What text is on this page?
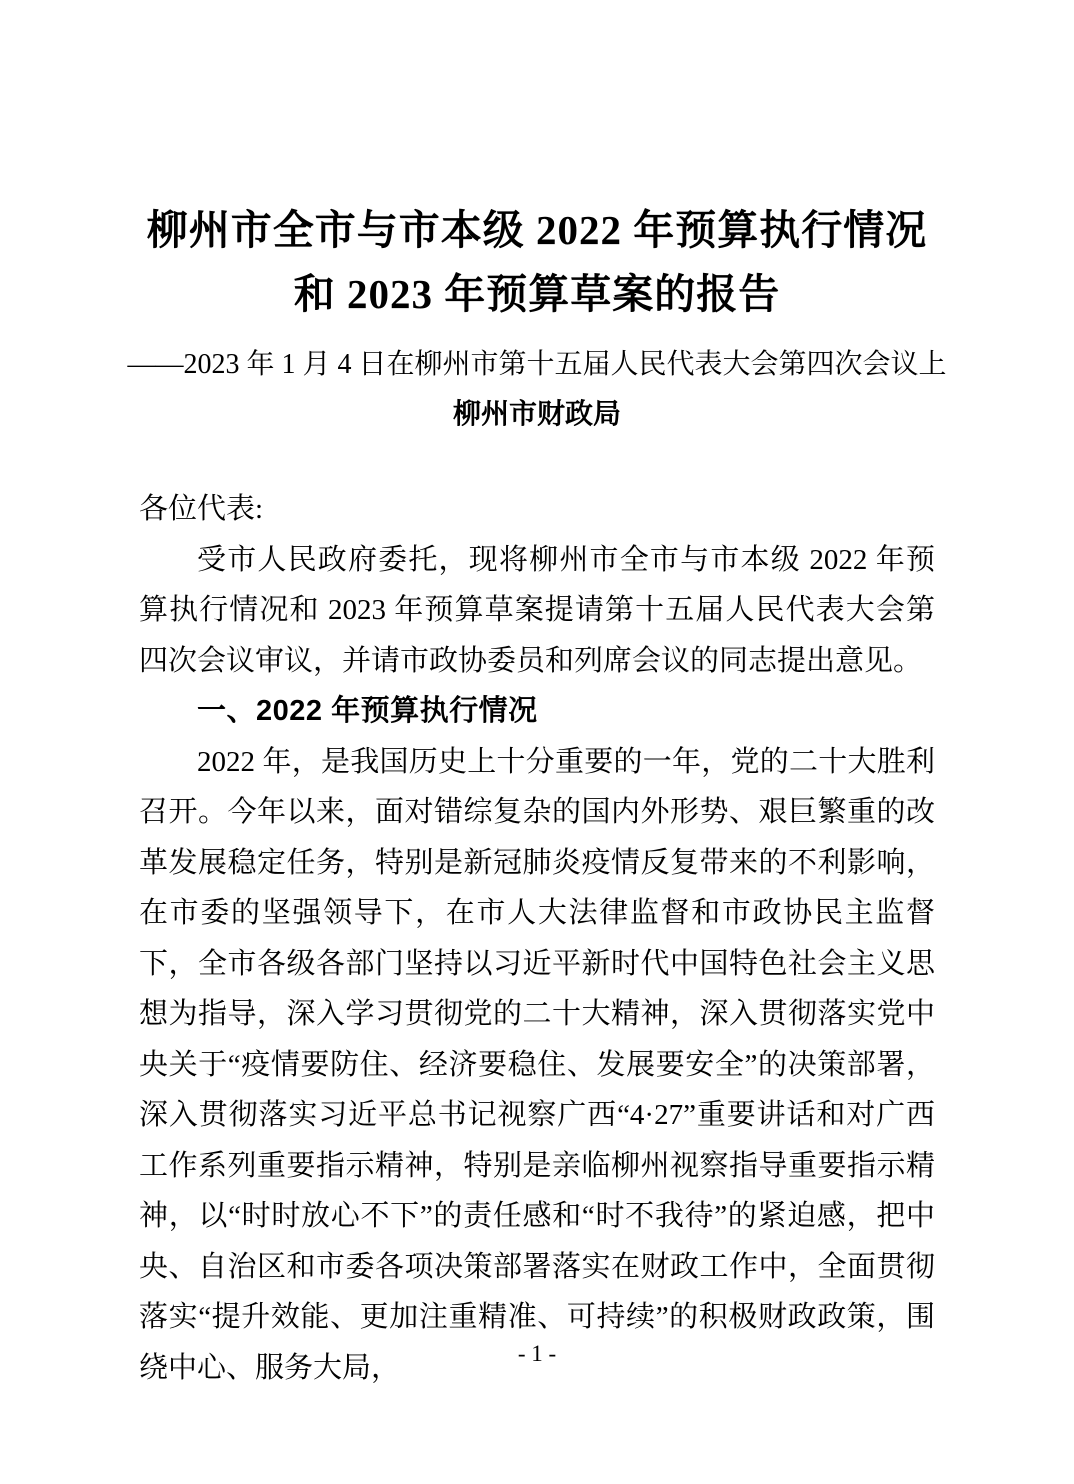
柳州市全市与市本级 2022 年预算执行情况
和 2023 年预算草案的报告
——2023 年 1 月 4 日在柳州市第十五届人民代表大会第四次会议上
柳州市财政局

各位代表:

受市人民政府委托，现将柳州市全市与市本级 2022 年预算执行情况和 2023 年预算草案提请第十五届人民代表大会第四次会议审议，并请市政协委员和列席会议的同志提出意见。

一、2022 年预算执行情况

2022 年，是我国历史上十分重要的一年，党的二十大胜利召开。今年以来，面对错综复杂的国内外形势、艰巨繁重的改革发展稳定任务，特别是新冠肺炎疫情反复带来的不利影响，在市委的坚强领导下，在市人大法律监督和市政协民主监督下，全市各级各部门坚持以习近平新时代中国特色社会主义思想为指导，深入学习贯彻党的二十大精神，深入贯彻落实党中央关于“疫情要防住、经济要稳住、发展要安全”的决策部署，深入贯彻落实习近平总书记视察广西“4·27”重要讲话和对广西工作系列重要指示精神，特别是亲临柳州视察指导重要指示精神，以“时时放心不下”的责任感和“时不我待”的紧迫感，把中央、自治区和市委各项决策部署落实在财政工作中，全面贯彻落实“提升效能、更加注重精准、可持续”的积极财政政策，围绕中心、服务大局，	- 1 -
